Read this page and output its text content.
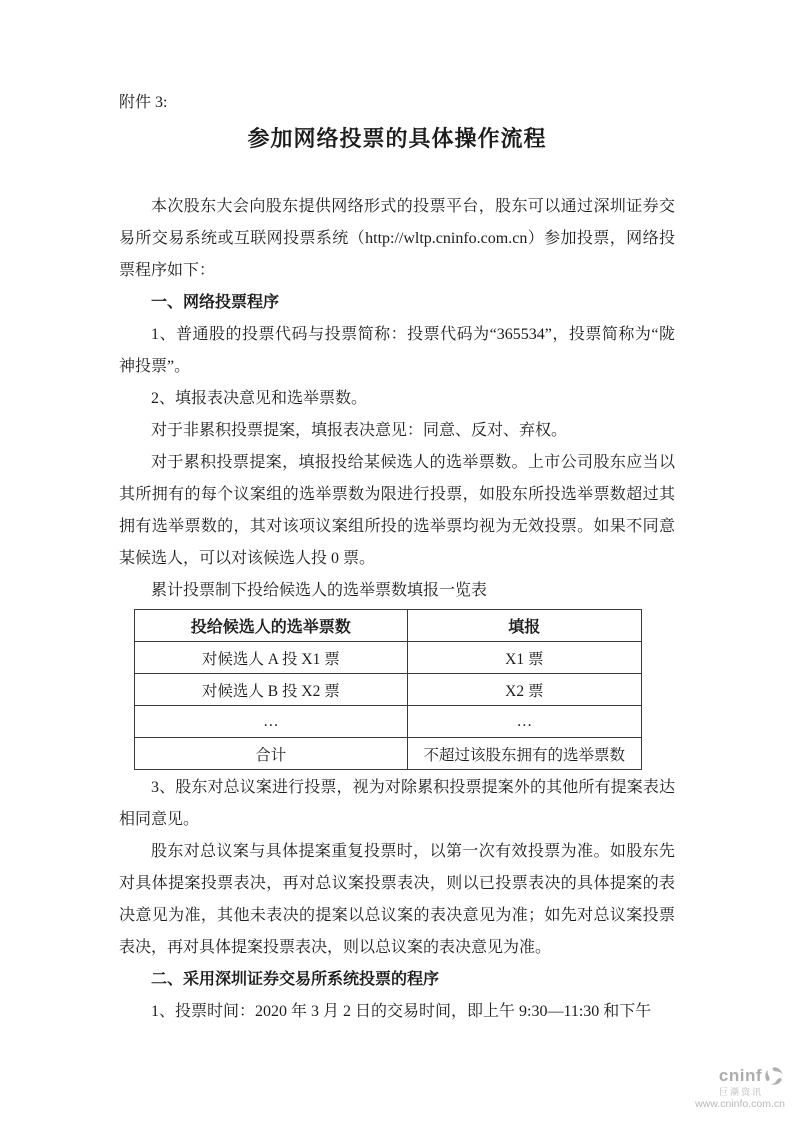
附件 3:
参加网络投票的具体操作流程

本次股东大会向股东提供网络形式的投票平台，股东可以通过深圳证券交易所交易系统或互联网投票系统（http://wltp.cninfo.com.cn）参加投票，网络投票程序如下：

一、网络投票程序

1、普通股的投票代码与投票简称：投票代码为“365534”，投票简称为“陇神投票”。

2、填报表决意见和选举票数。

对于非累积投票提案，填报表决意见：同意、反对、弃权。

对于累积投票提案，填报投给某候选人的选举票数。上市公司股东应当以其所拥有的每个议案组的选举票数为限进行投票，如股东所投选举票数超过其拥有选举票数的，其对该项议案组所投的选举票均视为无效投票。如果不同意某候选人，可以对该候选人投 0 票。

累计投票制下投给候选人的选举票数填报一览表

投给候选人的选举票数	填报
对候选人 A 投 X1 票	X1 票
对候选人 B 投 X2 票	X2 票
…	…
合计	不超过该股东拥有的选举票数

3、股东对总议案进行投票，视为对除累积投票提案外的其他所有提案表达相同意见。

股东对总议案与具体提案重复投票时，以第一次有效投票为准。如股东先对具体提案投票表决，再对总议案投票表决，则以已投票表决的具体提案的表决意见为准，其他未表决的提案以总议案的表决意见为准；如先对总议案投票表决，再对具体提案投票表决，则以总议案的表决意见为准。

二、采用深圳证券交易所系统投票的程序

1、投票时间：2020 年 3 月 2 日的交易时间，即上午 9:30—11:30 和下午

cninf
巨潮资讯
www.cninfo.com.cn
